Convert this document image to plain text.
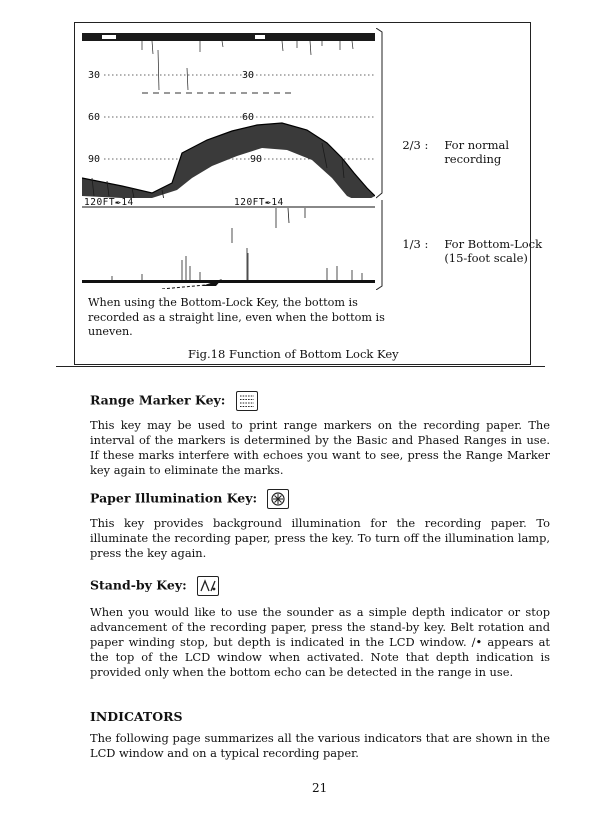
30	30
60	60
90	90
120FT✒14	120FT✒14

2/3 : For normal
recording

1/3 : For Bottom-Lock
(15-foot scale)

When using the Bottom-Lock Key, the bottom is recorded as a straight line, even when the bottom is uneven.
Fig.18 Function of Bottom Lock Key
Range Marker Key:
This key may be used to print range markers on the recording paper. The interval of the markers is determined by the Basic and Phased Ranges in use. If these marks interfere with echoes you want to see, press the Range Marker key again to eliminate the marks.
Paper Illumination Key:
This key provides background illumination for the recording paper. To illuminate the recording paper, press the key. To turn off the illumination lamp, press the key again.
Stand-by Key:
When you would like to use the sounder as a simple depth indicator or stop advancement of the recording paper, press the stand-by key. Belt rotation and paper winding stop, but depth is indicated in the LCD window. ∕• appears at the top of the LCD window when activated. Note that depth indication is provided only when the bottom echo can be detected in the range in use.
INDICATORS
The following page summarizes all the various indicators that are shown in the LCD window and on a typical recording paper.
21
